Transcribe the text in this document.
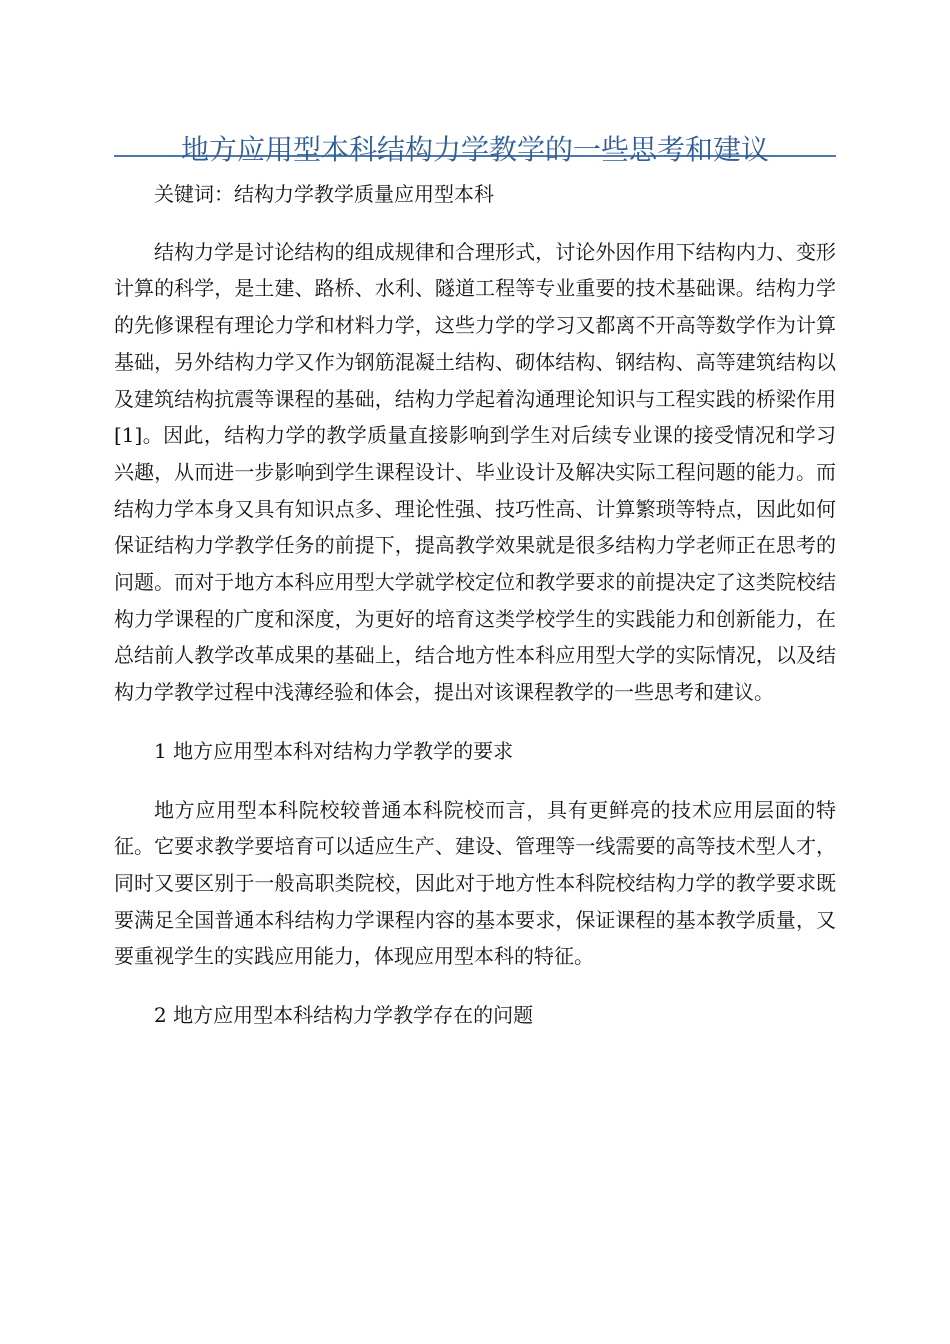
地方应用型本科结构力学教学的一些思考和建议

关键词：结构力学教学质量应用型本科

结构力学是讨论结构的组成规律和合理形式，讨论外因作用下结构内力、变形计算的科学，是土建、路桥、水利、隧道工程等专业重要的技术基础课。结构力学的先修课程有理论力学和材料力学，这些力学的学习又都离不开高等数学作为计算基础，另外结构力学又作为钢筋混凝土结构、砌体结构、钢结构、高等建筑结构以及建筑结构抗震等课程的基础，结构力学起着沟通理论知识与工程实践的桥梁作用[1]。因此，结构力学的教学质量直接影响到学生对后续专业课的接受情况和学习兴趣，从而进一步影响到学生课程设计、毕业设计及解决实际工程问题的能力。而结构力学本身又具有知识点多、理论性强、技巧性高、计算繁琐等特点，因此如何保证结构力学教学任务的前提下，提高教学效果就是很多结构力学老师正在思考的问题。而对于地方本科应用型大学就学校定位和教学要求的前提决定了这类院校结构力学课程的广度和深度，为更好的培育这类学校学生的实践能力和创新能力，在总结前人教学改革成果的基础上，结合地方性本科应用型大学的实际情况，以及结构力学教学过程中浅薄经验和体会，提出对该课程教学的一些思考和建议。

1 地方应用型本科对结构力学教学的要求

地方应用型本科院校较普通本科院校而言，具有更鲜亮的技术应用层面的特征。它要求教学要培育可以适应生产、建设、管理等一线需要的高等技术型人才，同时又要区别于一般高职类院校，因此对于地方性本科院校结构力学的教学要求既要满足全国普通本科结构力学课程内容的基本要求，保证课程的基本教学质量，又要重视学生的实践应用能力，体现应用型本科的特征。

2 地方应用型本科结构力学教学存在的问题
